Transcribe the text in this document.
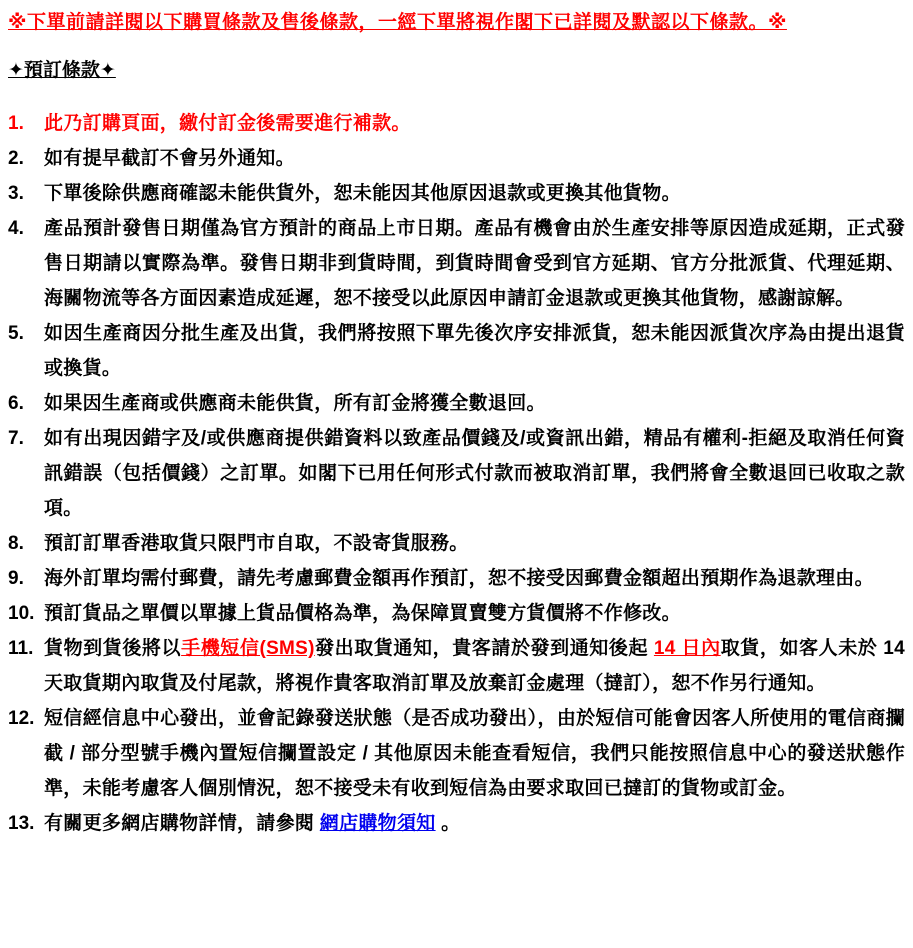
※下單前請詳閱以下購買條款及售後條款，一經下單將視作閣下已詳閱及默認以下條款。※
✦預訂條款✦
1.	此乃訂購頁面，繳付訂金後需要進行補款。
2.	如有提早截訂不會另外通知。
3.	下單後除供應商確認未能供貨外，恕未能因其他原因退款或更換其他貨物。
4.	產品預計發售日期僅為官方預計的商品上市日期。產品有機會由於生產安排等原因造成延期，正式發售日期請以實際為準。發售日期非到貨時間，到貨時間會受到官方延期、官方分批派貨、代理延期、海關物流等各方面因素造成延遲，恕不接受以此原因申請訂金退款或更換其他貨物，感謝諒解。
5.	如因生產商因分批生產及出貨，我們將按照下單先後次序安排派貨，恕未能因派貨次序為由提出退貨或換貨。
6.	如果因生產商或供應商未能供貨，所有訂金將獲全數退回。
7.	如有出現因錯字及/或供應商提供錯資料以致產品價錢及/或資訊出錯，精品有權利-拒絕及取消任何資訊錯誤（包括價錢）之訂單。如閣下已用任何形式付款而被取消訂單，我們將會全數退回已收取之款項。
8.	預訂訂單香港取貨只限門市自取，不設寄貨服務。
9.	海外訂單均需付郵費，請先考慮郵費金額再作預訂，恕不接受因郵費金額超出預期作為退款理由。
10. 預訂貨品之單價以單據上貨品價格為準，為保障買賣雙方貨價將不作修改。
11. 貨物到貨後將以手機短信(SMS)發出取貨通知，貴客請於發到通知後起 14 日內取貨，如客人未於 14 天取貨期內取貨及付尾款，將視作貴客取消訂單及放棄訂金處理（撻訂），恕不作另行通知。
12. 短信經信息中心發出，並會記錄發送狀態（是否成功發出），由於短信可能會因客人所使用的電信商攔截 / 部分型號手機內置短信攔置設定 / 其他原因未能查看短信，我們只能按照信息中心的發送狀態作準，未能考慮客人個別情況，恕不接受未有收到短信為由要求取回已撻訂的貨物或訂金。
13. 有關更多網店購物詳情，請參閱 網店購物須知 。
